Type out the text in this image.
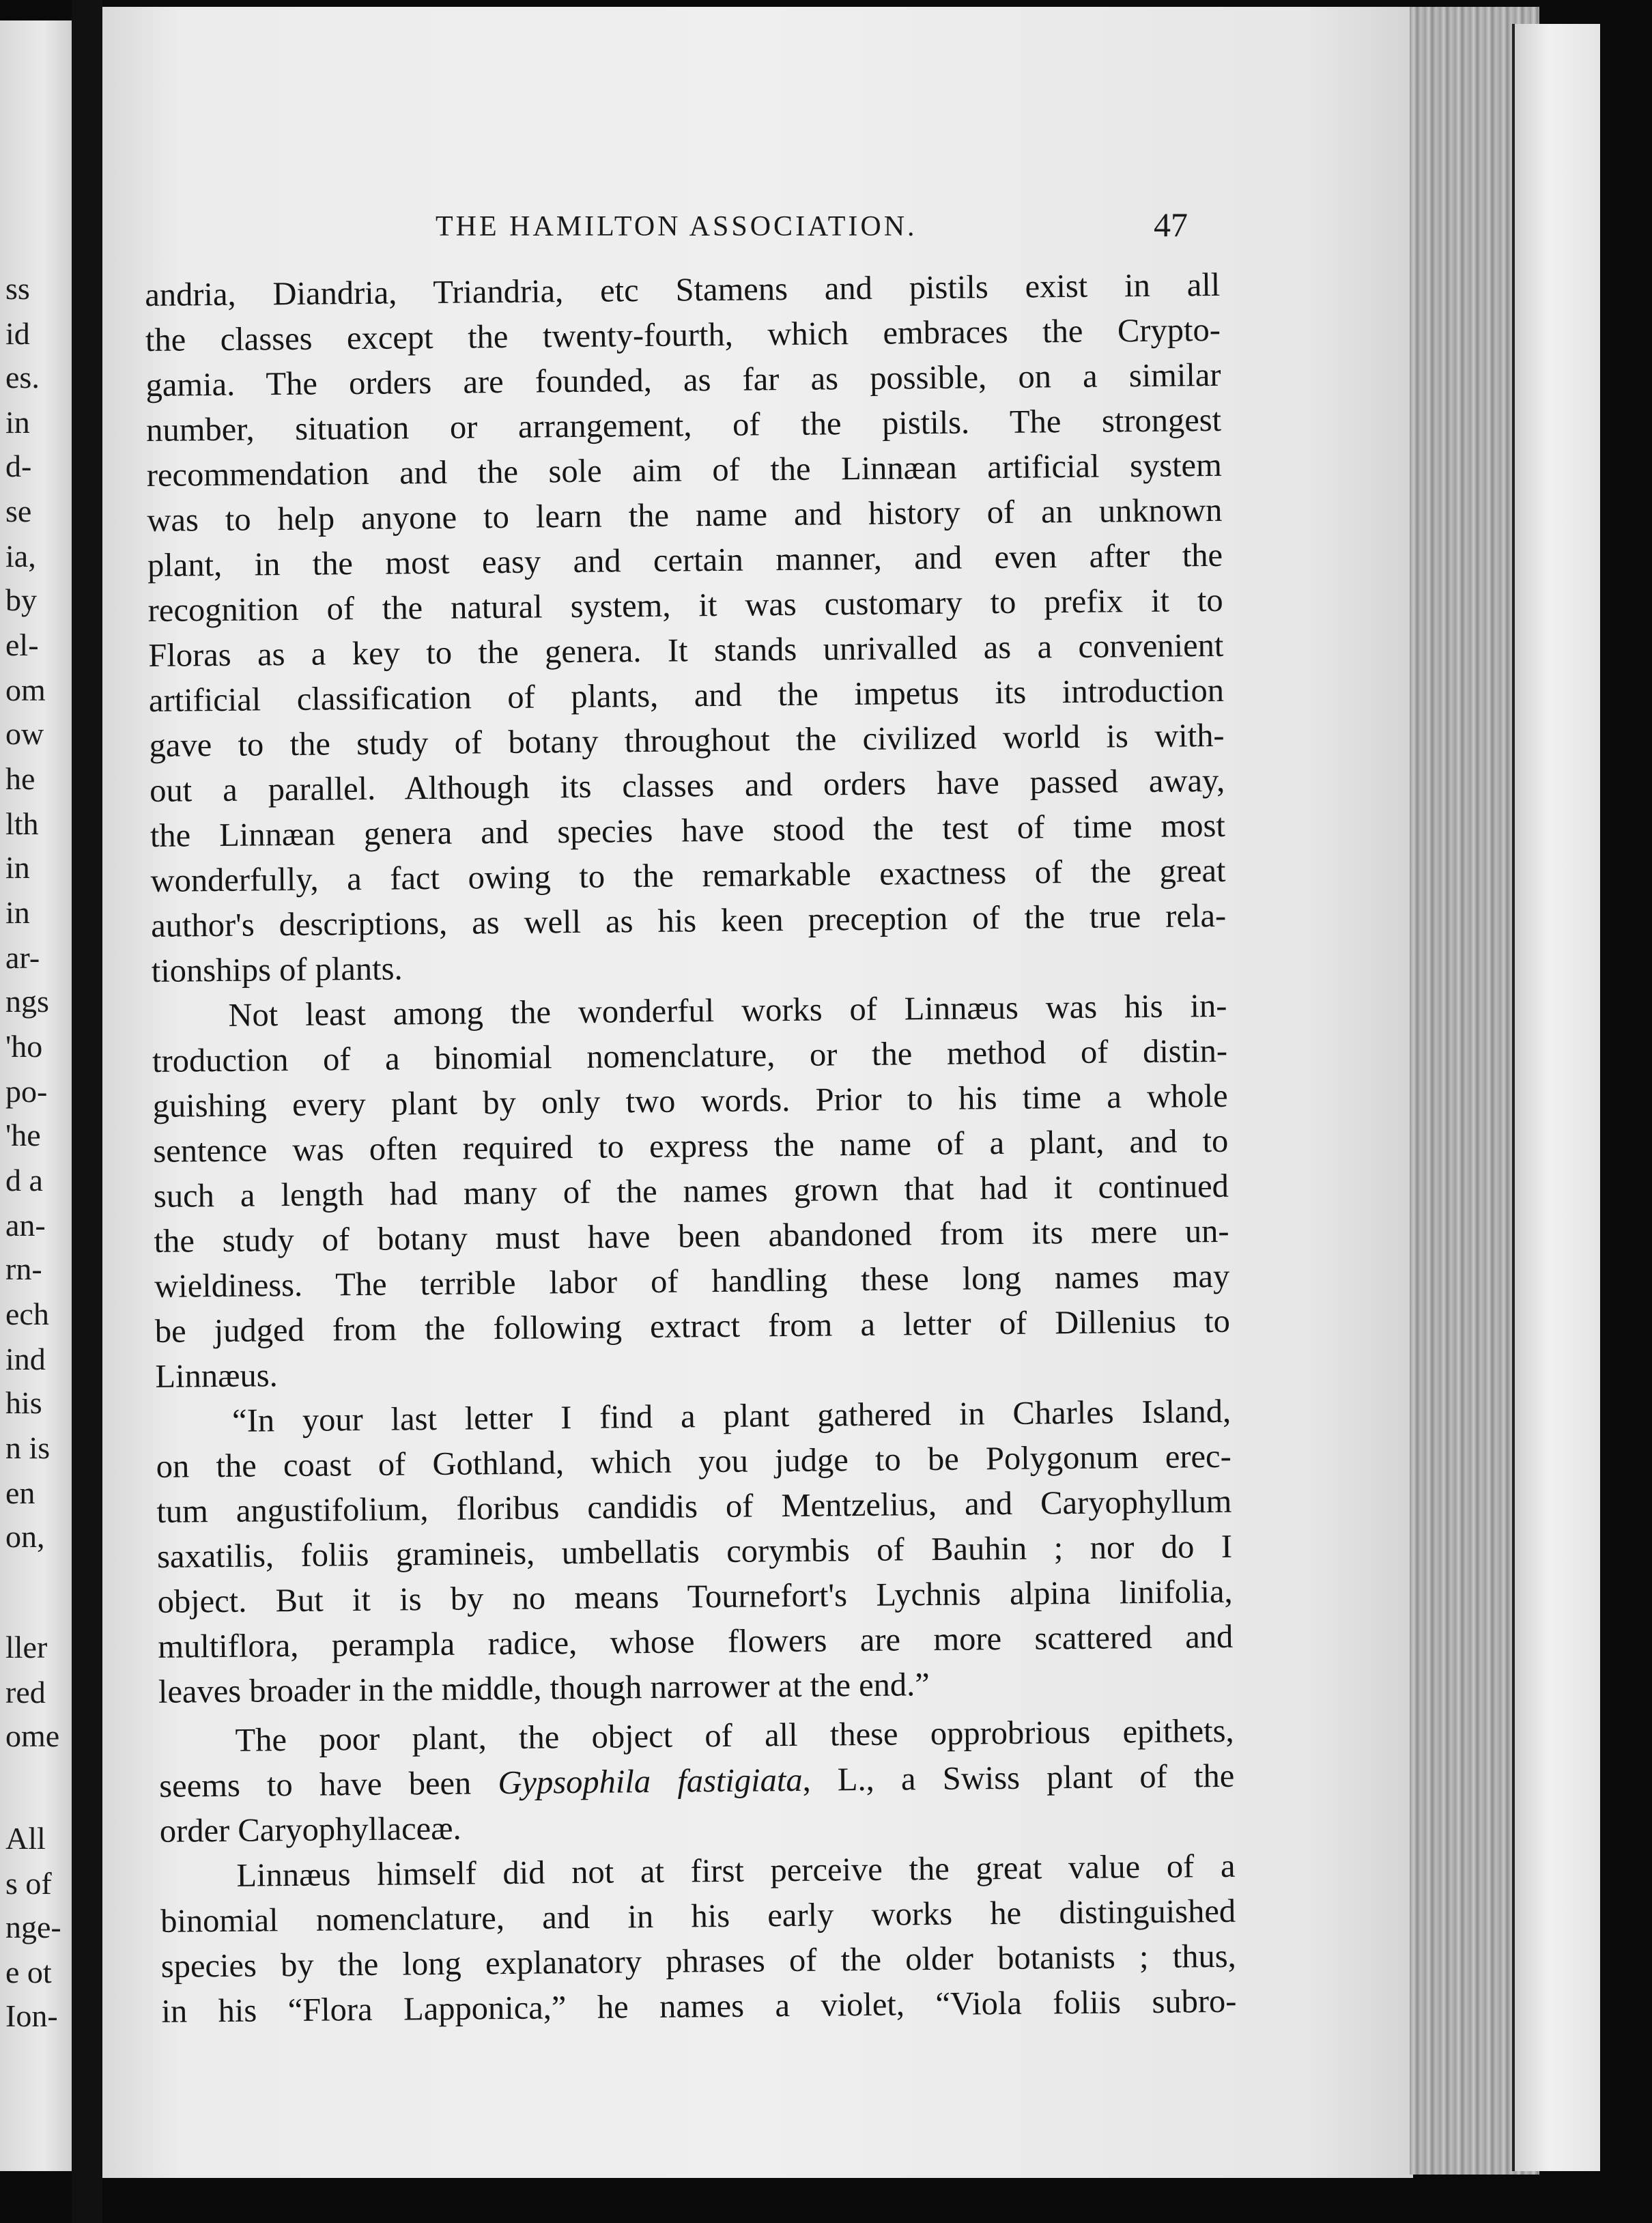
ss
id
es.
in
d-
se
ia,
by
el-
om
ow
he
lth
in
in
ar-
ngs
'ho
po-
'he
d a
an-
rn-
ech
ind
his
n is
en
on,
ller
red
ome
All
s of
nge-
e ot
Ion-
THE HAMILTON ASSOCIATION.	47
andria, Diandria, Triandria, etc Stamens and pistils exist in all
the classes except the twenty-fourth, which embraces the Crypto-
gamia. The orders are founded, as far as possible, on a similar
number, situation or arrangement, of the pistils. The strongest
recommendation and the sole aim of the Linnæan artificial system
was to help anyone to learn the name and history of an unknown
plant, in the most easy and certain manner, and even after the
recognition of the natural system, it was customary to prefix it to
Floras as a key to the genera. It stands unrivalled as a convenient
artificial classification of plants, and the impetus its introduction
gave to the study of botany throughout the civilized world is with-
out a parallel. Although its classes and orders have passed away,
the Linnæan genera and species have stood the test of time most
wonderfully, a fact owing to the remarkable exactness of the great
author's descriptions, as well as his keen preception of the true rela-
tionships of plants.
Not least among the wonderful works of Linnæus was his in-
troduction of a binomial nomenclature, or the method of distin-
guishing every plant by only two words. Prior to his time a whole
sentence was often required to express the name of a plant, and to
such a length had many of the names grown that had it continued
the study of botany must have been abandoned from its mere un-
wieldiness. The terrible labor of handling these long names may
be judged from the following extract from a letter of Dillenius to
Linnæus.
“In your last letter I find a plant gathered in Charles Island,
on the coast of Gothland, which you judge to be Polygonum erec-
tum angustifolium, floribus candidis of Mentzelius, and Caryophyllum
saxatilis, foliis gramineis, umbellatis corymbis of Bauhin ; nor do I
object. But it is by no means Tournefort's Lychnis alpina linifolia,
multiflora, perampla radice, whose flowers are more scattered and
leaves broader in the middle, though narrower at the end.”
The poor plant, the object of all these opprobrious epithets,
seems to have been Gypsophila fastigiata, L., a Swiss plant of the
order Caryophyllaceæ.
Linnæus himself did not at first perceive the great value of a
binomial nomenclature, and in his early works he distinguished
species by the long explanatory phrases of the older botanists ; thus,
in his “Flora Lapponica,” he names a violet, “Viola foliis subro-
